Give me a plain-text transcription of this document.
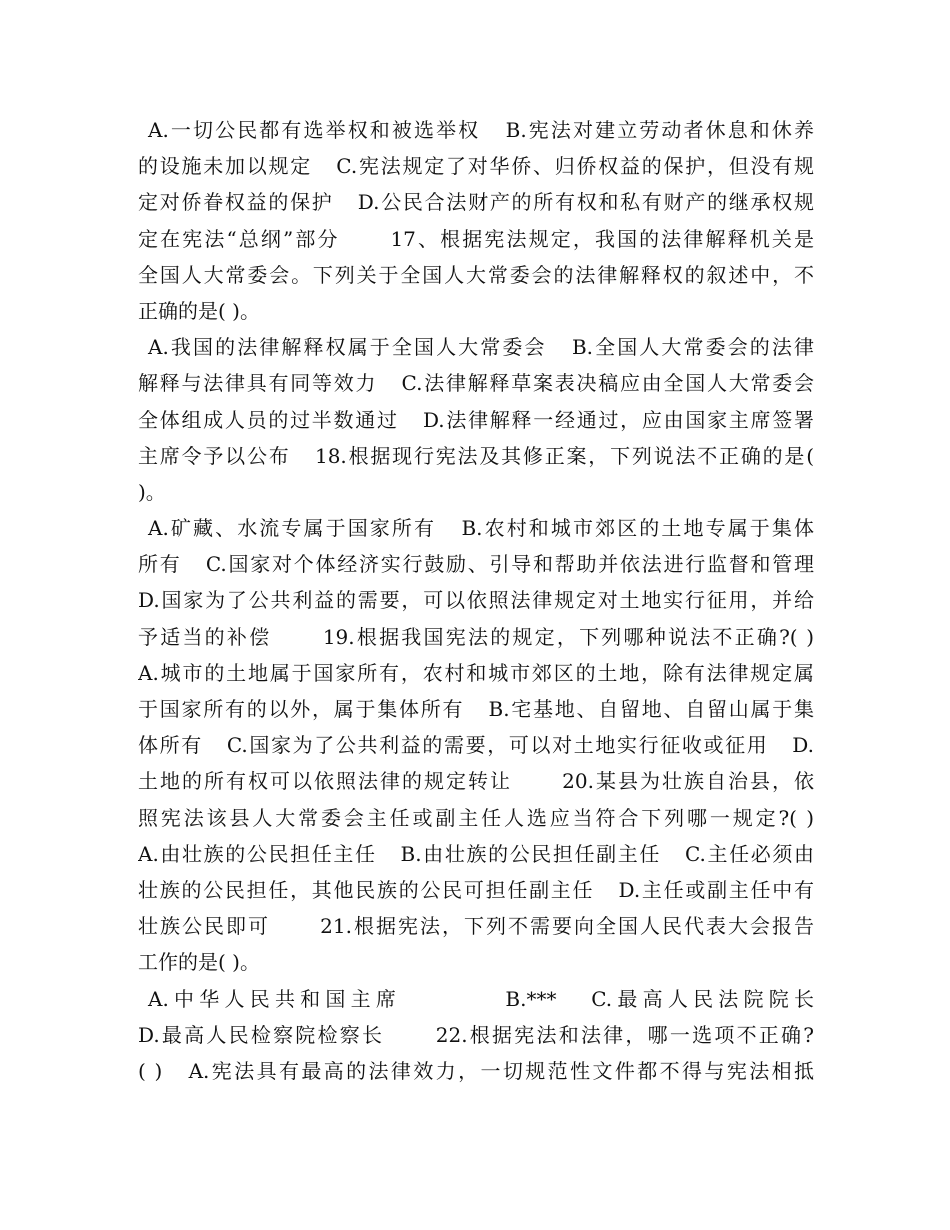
A.一切公民都有选举权和被选举权   B.宪法对建立劳动者休息和休养
的设施未加以规定   C.宪法规定了对华侨、归侨权益的保护，但没有规
定对侨眷权益的保护   D.公民合法财产的所有权和私有财产的继承权规
定在宪法“总纲”部分      17、根据宪法规定，我国的法律解释机关是
全国人大常委会。下列关于全国人大常委会的法律解释权的叙述中，不
正确的是( )。
A.我国的法律解释权属于全国人大常委会   B.全国人大常委会的法律
解释与法律具有同等效力   C.法律解释草案表决稿应由全国人大常委会
全体组成人员的过半数通过   D.法律解释一经通过，应由国家主席签署
主席令予以公布   18.根据现行宪法及其修正案，下列说法不正确的是(
)。
A.矿藏、水流专属于国家所有   B.农村和城市郊区的土地专属于集体
所有   C.国家对个体经济实行鼓励、引导和帮助并依法进行监督和管理
D.国家为了公共利益的需要，可以依照法律规定对土地实行征用，并给
予适当的补偿      19.根据我国宪法的规定，下列哪种说法不正确?( )
A.城市的土地属于国家所有，农村和城市郊区的土地，除有法律规定属
于国家所有的以外，属于集体所有   B.宅基地、自留地、自留山属于集
体所有   C.国家为了公共利益的需要，可以对土地实行征收或征用   D.
土地的所有权可以依照法律的规定转让      20.某县为壮族自治县，依
照宪法该县人大常委会主任或副主任人选应当符合下列哪一规定?( )
A.由壮族的公民担任主任   B.由壮族的公民担任副主任   C.主任必须由
壮族的公民担任，其他民族的公民可担任副主任   D.主任或副主任中有
壮族公民即可      21.根据宪法，下列不需要向全国人民代表大会报告
工作的是( )。
A.中华人民共和国主席         B.***   C.最高人民法院院长
D.最高人民检察院检察长      22.根据宪法和法律，哪一选项不正确?
( )   A.宪法具有最高的法律效力，一切规范性文件都不得与宪法相抵
